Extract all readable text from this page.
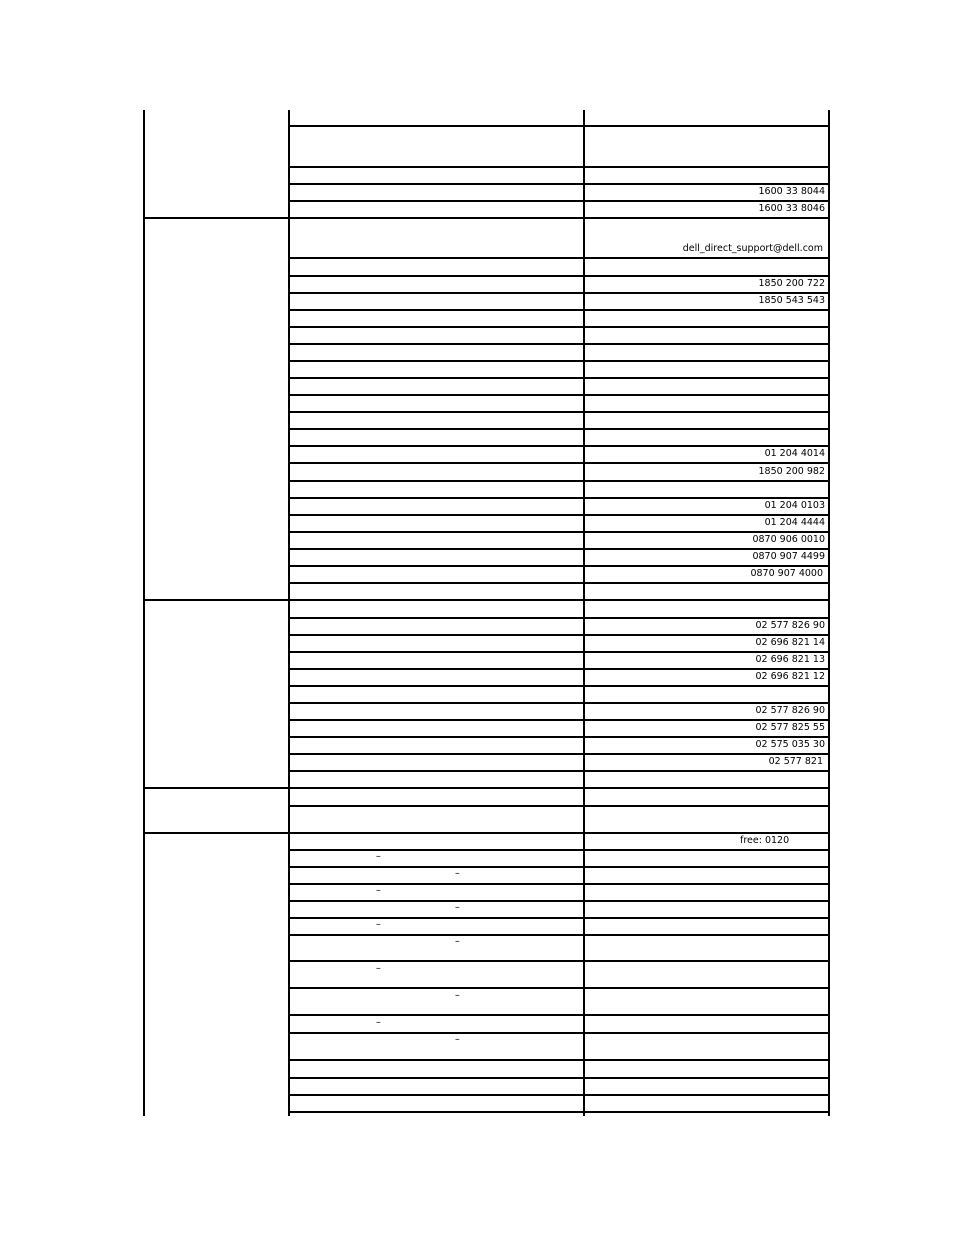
1600 33 8044
1600 33 8046
dell_direct_support@dell.com
1850 200 722
1850 543 543
01 204 4014
1850 200 982
01 204 0103
01 204 4444
0870 906 0010
0870 907 4499
0870 907 4000
02 577 826 90
02 696 821 14
02 696 821 13
02 696 821 12
02 577 826 90
02 577 825 55
02 575 035 30
02 577 821
free: 0120
–
–
–
–
–
–
–
–
–
–
